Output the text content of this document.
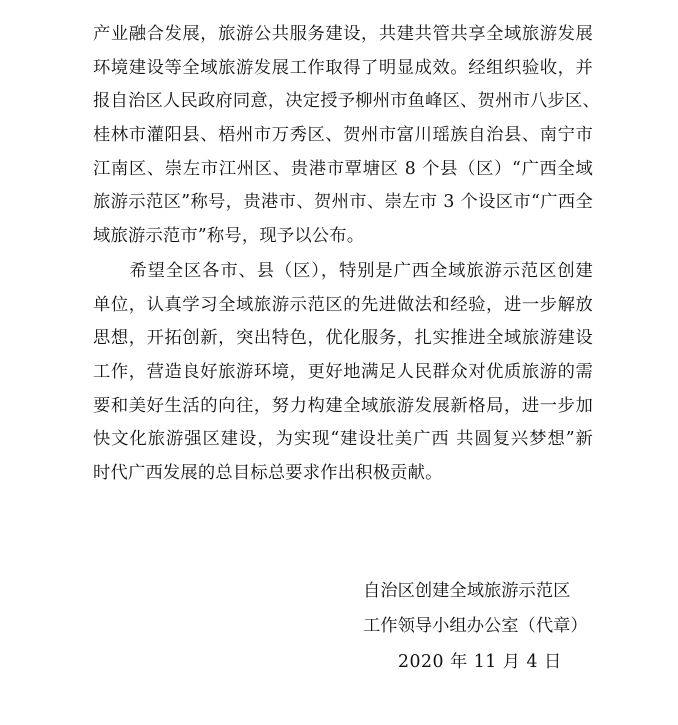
产业融合发展，旅游公共服务建设，共建共管共享全域旅游发展
环境建设等全域旅游发展工作取得了明显成效。经组织验收，并
报自治区人民政府同意，决定授予柳州市鱼峰区、贺州市八步区、
桂林市灌阳县、梧州市万秀区、贺州市富川瑶族自治县、南宁市
江南区、崇左市江州区、贵港市覃塘区 8 个县（区）“广西全域
旅游示范区”称号，贵港市、贺州市、崇左市 3 个设区市“广西全
域旅游示范市”称号，现予以公布。
　　希望全区各市、县（区），特别是广西全域旅游示范区创建
单位，认真学习全域旅游示范区的先进做法和经验，进一步解放
思想，开拓创新，突出特色，优化服务，扎实推进全域旅游建设
工作，营造良好旅游环境，更好地满足人民群众对优质旅游的需
要和美好生活的向往，努力构建全域旅游发展新格局，进一步加
快文化旅游强区建设，为实现“建设壮美广西 共圆复兴梦想”新
时代广西发展的总目标总要求作出积极贡献。
自治区创建全域旅游示范区
工作领导小组办公室（代章）
2020 年 11 月 4 日
